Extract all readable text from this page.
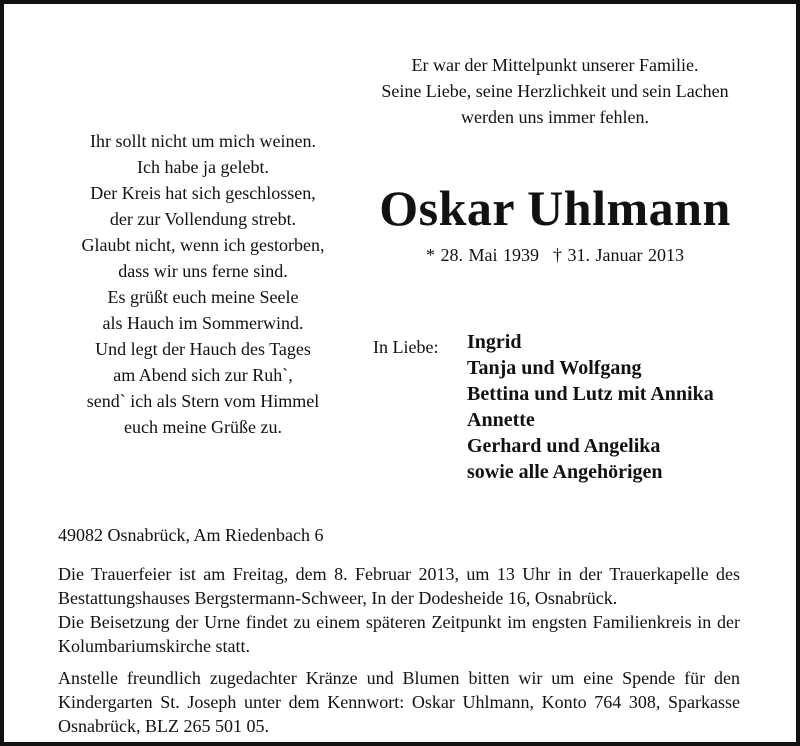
Ihr sollt nicht um mich weinen.
Ich habe ja gelebt.
Der Kreis hat sich geschlossen,
der zur Vollendung strebt.
Glaubt nicht, wenn ich gestorben,
dass wir uns ferne sind.
Es grüßt euch meine Seele
als Hauch im Sommerwind.
Und legt der Hauch des Tages
am Abend sich zur Ruh`,
send` ich als Stern vom Himmel
euch meine Grüße zu.
Er war der Mittelpunkt unserer Familie.
Seine Liebe, seine Herzlichkeit und sein Lachen
werden uns immer fehlen.
Oskar Uhlmann
* 28. Mai 1939 † 31. Januar 2013
In Liebe: Ingrid
Tanja und Wolfgang
Bettina und Lutz mit Annika
Annette
Gerhard und Angelika
sowie alle Angehörigen
49082 Osnabrück, Am Riedenbach 6

Die Trauerfeier ist am Freitag, dem 8. Februar 2013, um 13 Uhr in der Trauerkapelle des Bestattungshauses Bergstermann-Schweer, In der Dodesheide 16, Osnabrück.

Die Beisetzung der Urne findet zu einem späteren Zeitpunkt im engsten Familienkreis in der Kolumbariumskirche statt.

Anstelle freundlich zugedachter Kränze und Blumen bitten wir um eine Spende für den Kindergarten St. Joseph unter dem Kennwort: Oskar Uhlmann, Konto 764 308, Sparkasse Osnabrück, BLZ 265 501 05.
